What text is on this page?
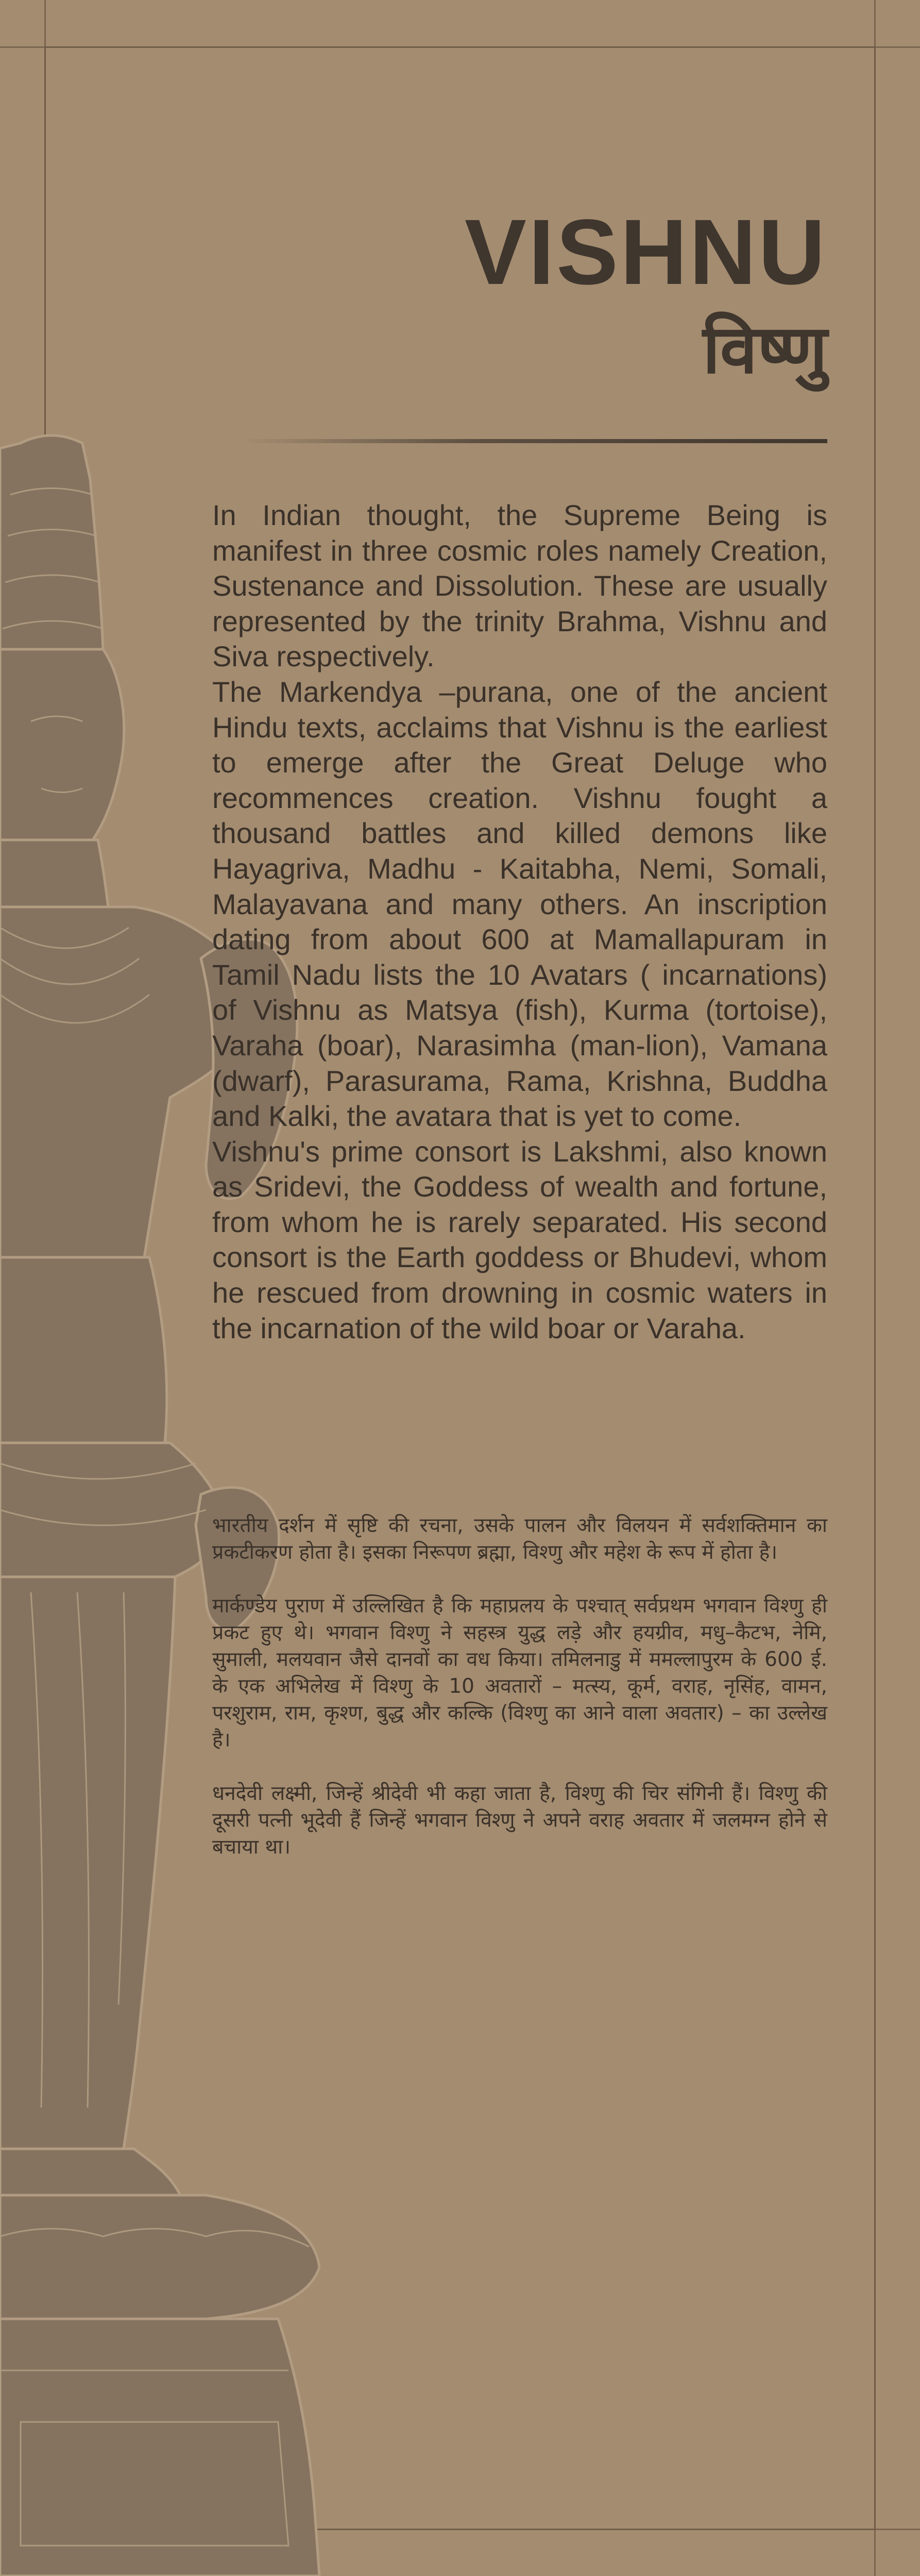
VISHNU
विष्णु

In Indian thought, the Supreme Being is manifest in three cosmic roles namely Creation, Sustenance and Dissolution. These are usually represented by the trinity Brahma, Vishnu and Siva respectively.

The Markendya –purana, one of the ancient Hindu texts, acclaims that Vishnu is the earliest to emerge after the Great Deluge who recommences creation. Vishnu fought a thousand battles and killed demons like Hayagriva, Madhu - Kaitabha, Nemi, Somali, Malayavana and many others. An inscription dating from about 600 at Mamallapuram in Tamil Nadu lists the 10 Avatars ( incarnations) of Vishnu as Matsya (fish), Kurma (tortoise), Varaha (boar), Narasimha (man-lion), Vamana (dwarf), Parasurama, Rama, Krishna, Buddha and Kalki, the avatara that is yet to come.

Vishnu's prime consort is Lakshmi, also known as Sridevi, the Goddess of wealth and fortune, from whom he is rarely separated. His second consort is the Earth goddess or Bhudevi, whom he rescued from drowning in cosmic waters in the incarnation of the wild boar or Varaha.

भारतीय दर्शन में सृष्टि की रचना, उसके पालन और विलयन में सर्वशक्तिमान का प्रकटीकरण होता है। इसका निरूपण ब्रह्मा, विश्णु और महेश के रूप में होता है।

मार्कण्डेय पुराण में उल्लिखित है कि महाप्रलय के पश्चात् सर्वप्रथम भगवान विश्णु ही प्रकट हुए थे। भगवान विश्णु ने सहस्त्र युद्ध लड़े और हयग्रीव, मधु–कैटभ, नेमि, सुमाली, मलयवान जैसे दानवों का वध किया। तमिलनाडु में ममल्लापुरम के 600 ई. के एक अभिलेख में विश्णु के 10 अवतारों – मत्स्य, कूर्म, वराह, नृसिंह, वामन, परशुराम, राम, कृश्ण, बुद्ध और कल्कि (विश्णु का आने वाला अवतार) – का उल्लेख है।

धनदेवी लक्ष्मी, जिन्हें श्रीदेवी भी कहा जाता है, विश्णु की चिर संगिनी हैं। विश्णु की दूसरी पत्नी भूदेवी हैं जिन्हें भगवान विश्णु ने अपने वराह अवतार में जलमग्न होने से बचाया था।
